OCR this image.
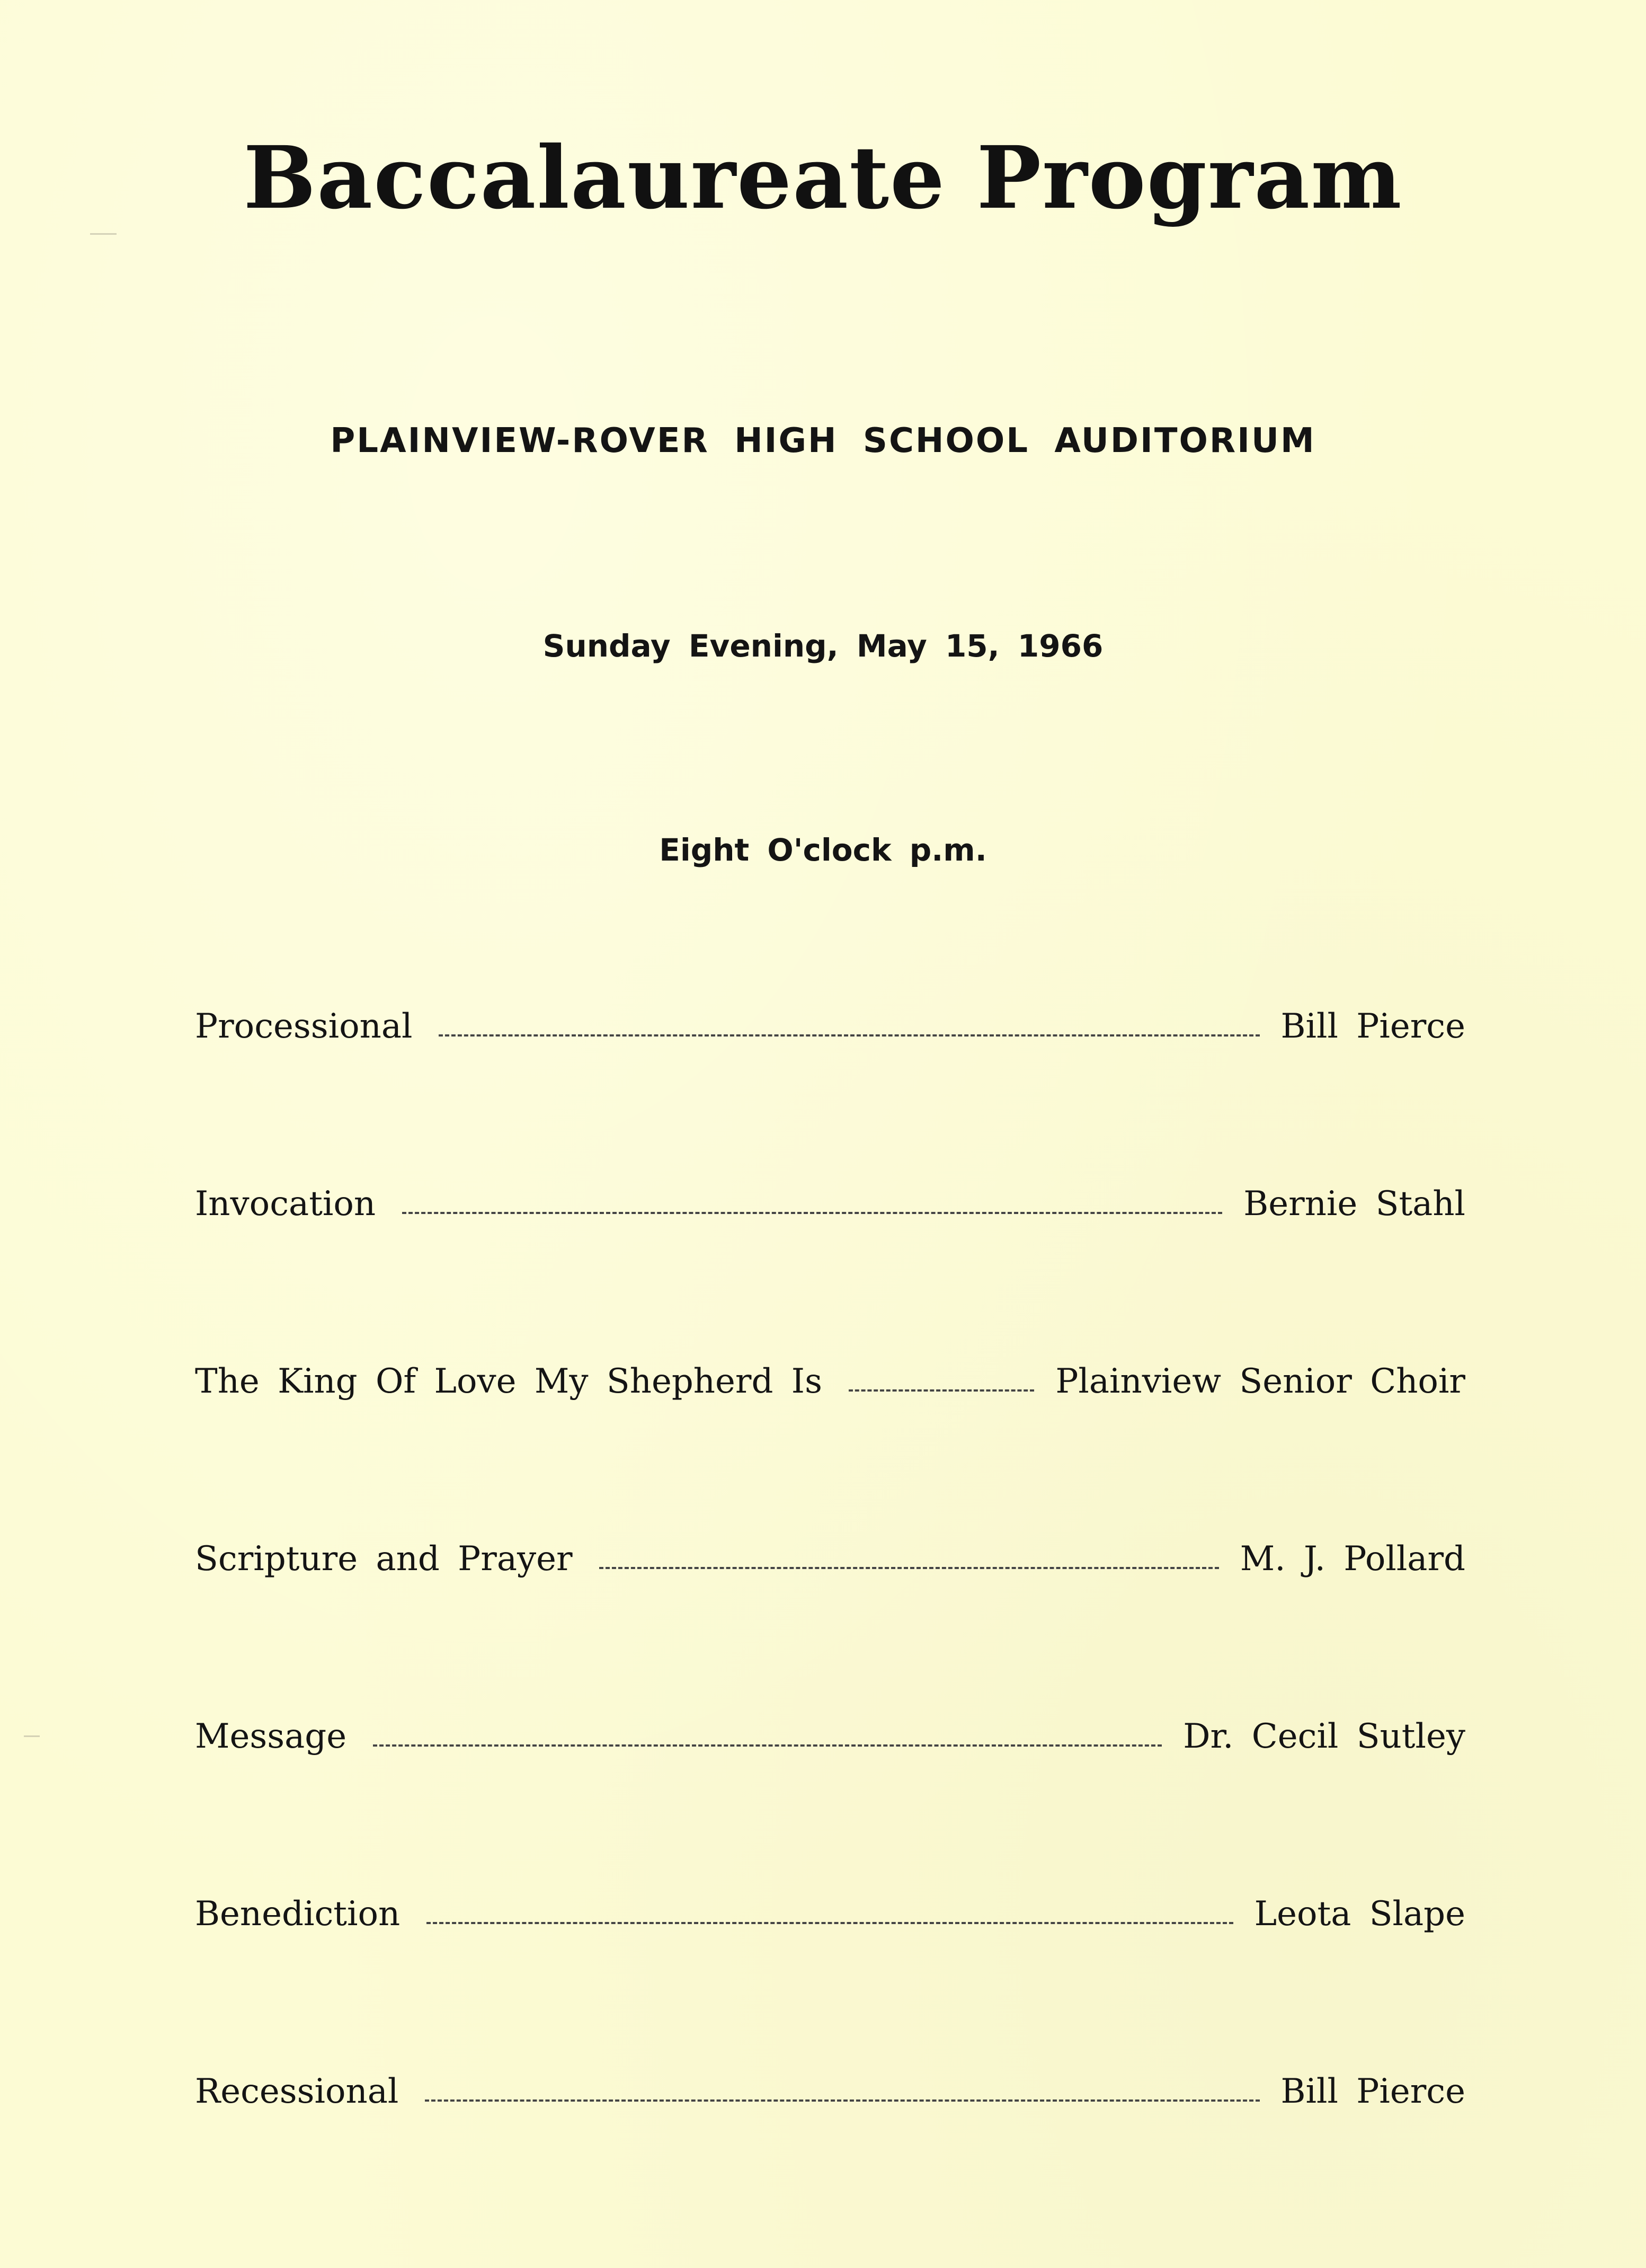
Baccalaureate Program
PLAINVIEW-ROVER HIGH SCHOOL AUDITORIUM
Sunday Evening, May 15, 1966
Eight O'clock p.m.
Processional	Bill Pierce
Invocation	Bernie Stahl
The King Of Love My Shepherd Is	Plainview Senior Choir
Scripture and Prayer	M. J. Pollard
Message	Dr. Cecil Sutley
Benediction	Leota Slape
Recessional	Bill Pierce
